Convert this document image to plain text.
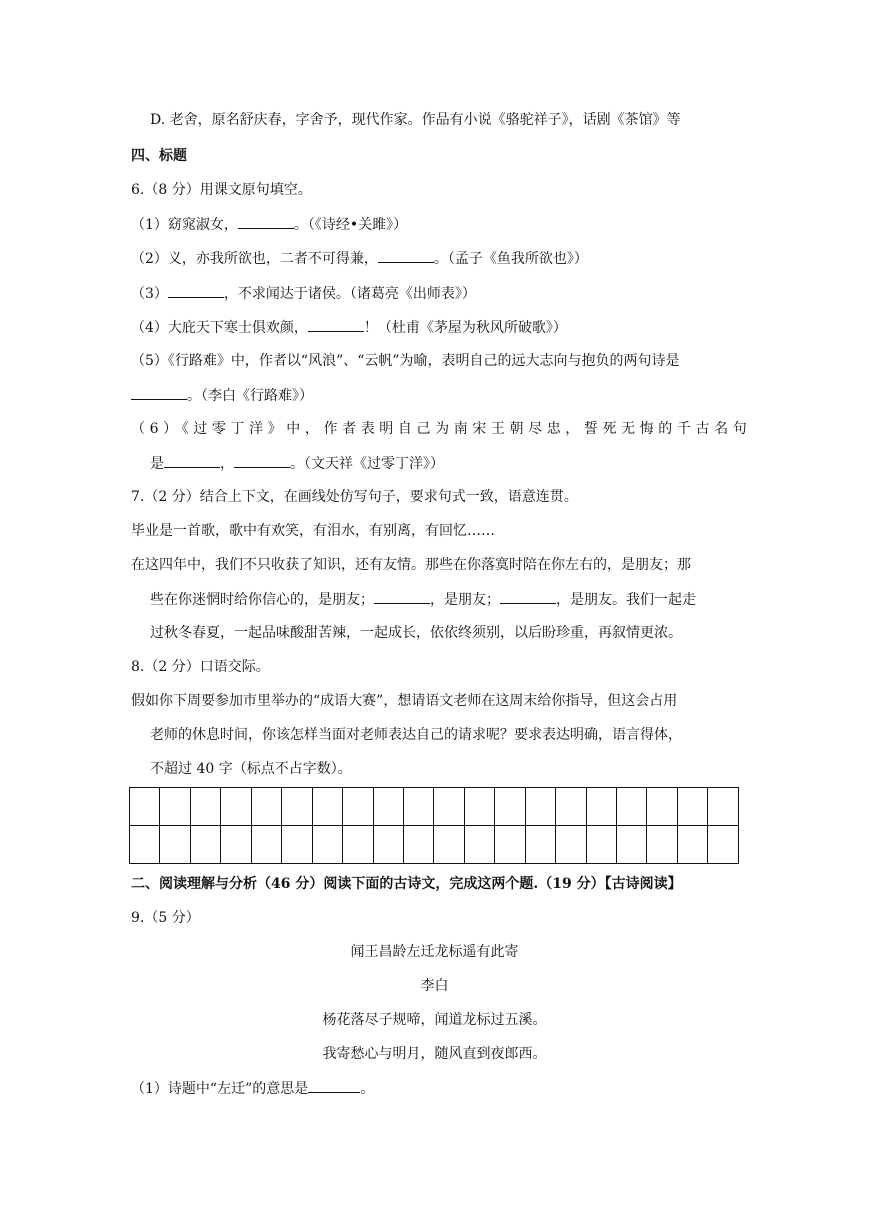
D. 老舍，原名舒庆春，字舍予，现代作家。作品有小说《骆驼祥子》，话剧《茶馆》等
四、标题
6.（8 分）用课文原句填空。
（1）窈窕淑女，	。（《诗经•关雎》）
（2）义，亦我所欲也，二者不可得兼，	。（孟子《鱼我所欲也》）
（3）	，不求闻达于诸侯。（诸葛亮《出师表》）
（4）大庇天下寒士俱欢颜，	！（杜甫《茅屋为秋风所破歌》）
（5）《行路难》中，作者以“风浪”、“云帆”为喻，表明自己的远大志向与抱负的两句诗是
。（李白《行路难》）
（6）《过零丁洋》中，作者表明自己为南宋王朝尽忠，誓死无悔的千古名句
是	，	。（文天祥《过零丁洋》）
7.（2 分）结合上下文，在画线处仿写句子，要求句式一致，语意连贯。
毕业是一首歌，歌中有欢笑，有泪水，有别离，有回忆……
在这四年中，我们不只收获了知识，还有友情。那些在你落寞时陪在你左右的，是朋友；那
些在你迷惘时给你信心的，是朋友；	，是朋友；	，是朋友。我们一起走
过秋冬春夏，一起品味酸甜苦辣，一起成长，依依终须别，以后盼珍重，再叙情更浓。
8.（2 分）口语交际。
假如你下周要参加市里举办的“成语大赛”，想请语文老师在这周末给你指导，但这会占用
老师的休息时间，你该怎样当面对老师表达自己的请求呢？要求表达明确，语言得体，
不超过 40 字（标点不占字数）。

二、阅读理解与分析（46 分）阅读下面的古诗文，完成这两个题.（19 分）【古诗阅读】
9.（5 分）
闻王昌龄左迁龙标遥有此寄
李白
杨花落尽子规啼，闻道龙标过五溪。
我寄愁心与明月，随风直到夜郎西。
（1）诗题中“左迁”的意思是	。
